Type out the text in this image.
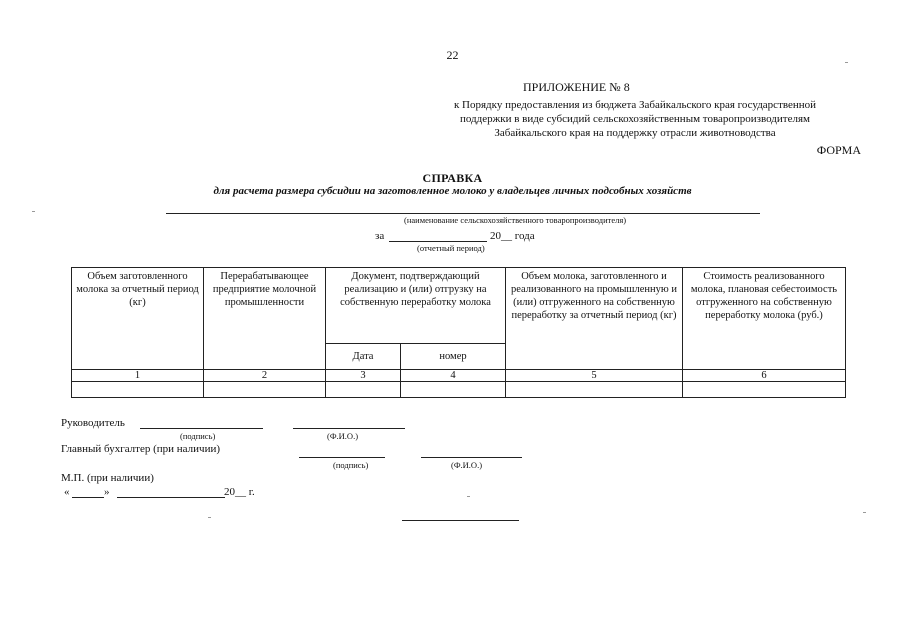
22
ПРИЛОЖЕНИЕ № 8
к Порядку предоставления из бюджета Забайкальского края государственной
поддержки в виде субсидий сельскохозяйственным товаропроизводителям
Забайкальского края на поддержку отрасли животноводства
ФОРМА
СПРАВКА
для расчета размера субсидии на заготовленное молоко у владельцев личных подсобных хозяйств
(наименование сельскохозяйственного товаропроизводителя)
за	20__ года
(отчетный период)
Объем заготовленного молока за отчетный период (кг)	Перерабатывающее предприятие молочной промышленности	Документ, подтверждающий реализацию и (или) отгрузку на собственную переработку молока		Объем молока, заготовленного и реализованного на промышленную и (или) отгруженного на собственную переработку за отчетный период (кг)	Стоимость реализованного молока, плановая себестоимость отгруженного на собственную переработку молока (руб.)
		Дата	номер		
1	2	3	4	5	6

Руководитель
(подпись)	(Ф.И.О.)
Главный бухгалтер (при наличии)
(подпись)	(Ф.И.О.)
М.П. (при наличии)
«	»	20__ г.
